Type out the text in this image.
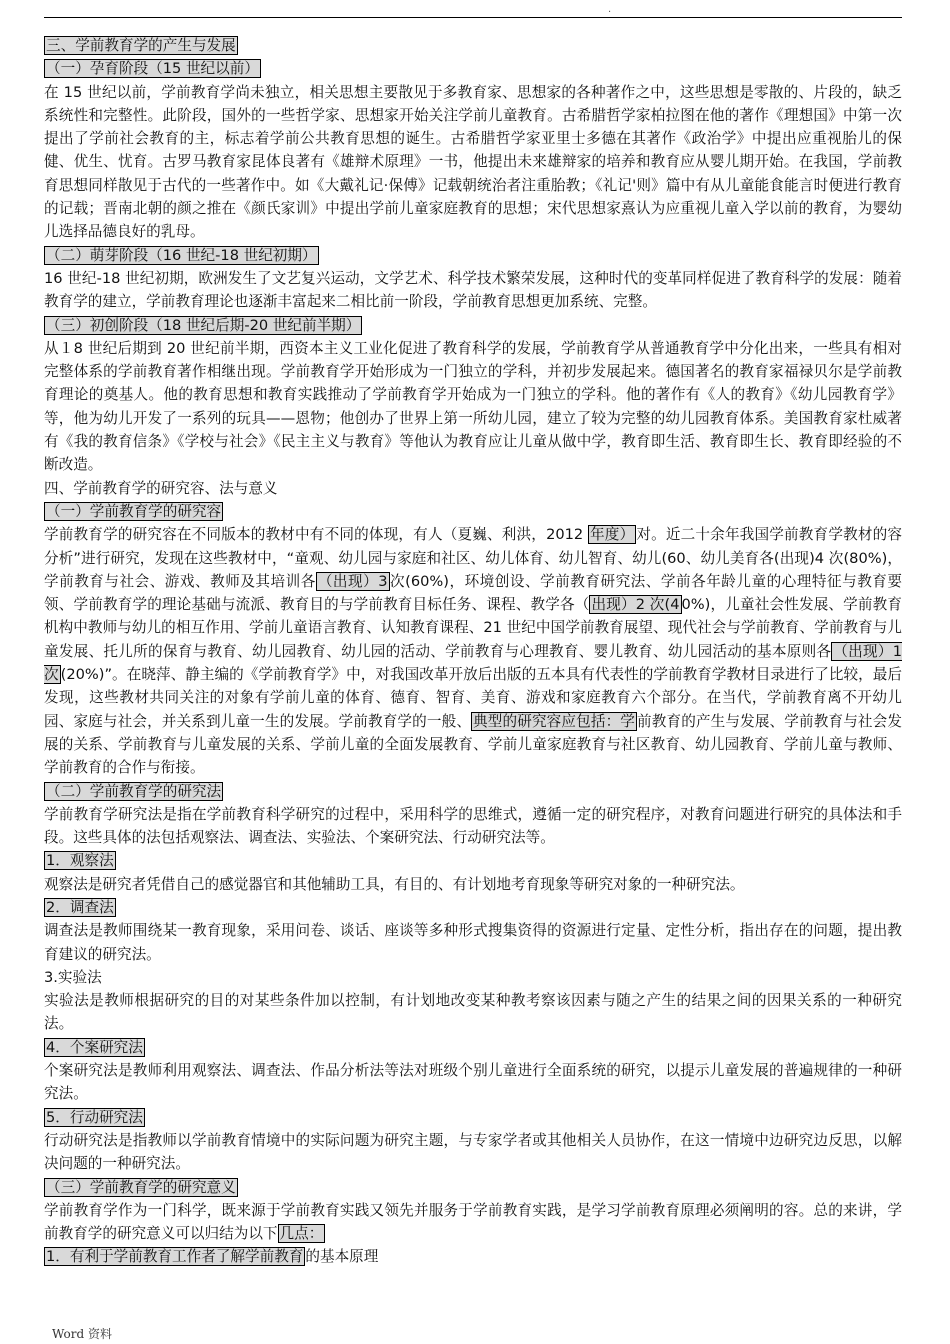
.

三、学前教育学的产生与发展

（一）孕育阶段（15 世纪以前）

在 15 世纪以前，学前教育学尚未独立，相关思想主要散见于多教育家、思想家的各种著作之中，这些思想是零散的、片段的，缺乏系统性和完整性。此阶段，国外的一些哲学家、思想家开始关注学前儿童教育。古希腊哲学家柏拉图在他的著作《理想国》中第一次提出了学前社会教育的主，标志着学前公共教育思想的诞生。古希腊哲学家亚里士多德在其著作《政治学》中提出应重视胎儿的保健、优生、忧育。古罗马教育家昆体良著有《雄辩术原理》一书，他提出未来雄辩家的培养和教育应从婴儿期开始。在我国，学前教育思想同样散见于古代的一些著作中。如《大戴礼记·保傅》记载朝统治者注重胎教；《礼记'则》篇中有从儿童能食能言时便进行教育的记载；晋南北朝的颜之推在《颜氏家训》中提出学前儿童家庭教育的思想；宋代思想家熹认为应重视儿童入学以前的教育，为婴幼儿选择品德良好的乳母。

（二）萌芽阶段（16 世纪-18 世纪初期）

16 世纪-18 世纪初期，欧洲发生了文艺复兴运动，文学艺术、科学技术繁荣发展，这种时代的变革同样促进了教育科学的发展：随着教育学的建立，学前教育理论也逐渐丰富起来二相比前一阶段，学前教育思想更加系统、完整。

（三）初创阶段（18 世纪后期-20 世纪前半期）

从１8 世纪后期到 20 世纪前半期，西资本主义工业化促进了教育科学的发展，学前教育学从普通教育学中分化出来，一些具有相对完整体系的学前教育著作相继出现。学前教育学开始形成为一门独立的学科，并初步发展起来。德国著名的教育家福禄贝尔是学前教育理论的奠基人。他的教育思想和教育实践推动了学前教育学开始成为一门独立的学科。他的著作有《人的教育》《幼儿园教育学》等，他为幼儿开发了一系列的玩具——恩物；他创办了世界上第一所幼儿园，建立了较为完整的幼儿园教育体系。美国教育家杜威著有《我的教育信条》《学校与社会》《民主主义与教育》等他认为教育应让儿童从做中学，教育即生活、教育即生长、教育即经验的不断改造。

四、学前教育学的研究容、法与意义

（一）学前教育学的研究容

学前教育学的研究容在不同版本的教材中有不同的体现，有人（夏巍、利洪，2012 年度） 对。近二十余年我国学前教育学教材的容分析”进行研究，发现在这些教材中，“童观、幼儿园与家庭和社区、幼儿体育、幼儿智育、幼儿(60、幼儿美育各(出现)4 次(80%)，学前教育与社会、游戏、教师及其培训各 （出现）3 次(60%)，环境创设、学前教育研究法、学前各年龄儿童的心理特征与教育要领、学前教育学的理论基础与流派、教育目的与学前教育目标任务、课程、教学各（ 出现）2 次(4 0%)，儿童社会性发展、学前教育机构中教师与幼儿的相互作用、学前儿童语言教育、认知教育课程、21 世纪中国学前教育展望、现代社会与学前教育、学前教育与儿童发展、托儿所的保育与教育、幼儿园教育、幼儿园的活动、学前教育与心理教育、婴儿教育、幼儿园活动的基本原则各 （出现）1 次 (20%)”。在晓萍、静主编的《学前教育学》中，对我国改革开放后出版的五本具有代表性的学前教育学教材目录进行了比较，最后发现，这些教材共同关注的对象有学前儿童的体育、德育、智育、美育、游戏和家庭教育六个部分。在当代，学前教育离不开幼儿园、家庭与社会，并关系到儿童一生的发展。学前教育学的一般、 典型的研究容应包括：学 前教育的产生与发展、学前教育与社会发展的关系、学前教育与儿童发展的关系、学前儿童的全面发展教育、学前儿童家庭教育与社区教育、幼儿园教育、学前儿童与教师、学前教育的合作与衔接。

（二）学前教育学的研究法

学前教育学研究法是指在学前教育科学研究的过程中，采用科学的思维式，遵循一定的研究程序，对教育问题进行研究的具体法和手段。这些具体的法包括观察法、调查法、实验法、个案研究法、行动研究法等。

1．观察法

观察法是研究者凭借自己的感觉器官和其他辅助工具，有目的、有计划地考育现象等研究对象的一种研究法。

2．调查法

调查法是教师围绕某一教育现象，采用问卷、谈话、座谈等多种形式搜集资得的资源进行定量、定性分析，指出存在的问题，提出教育建议的研究法。

3.实验法

实验法是教师根据研究的目的对某些条件加以控制，有计划地改变某种教考察该因素与随之产生的结果之间的因果关系的一种研究法。

4．个案研究法

个案研究法是教师利用观察法、调查法、作品分析法等法对班级个别儿童进行全面系统的研究，以提示儿童发展的普遍规律的一种研究法。

5．行动研究法

行动研究法是指教师以学前教育情境中的实际问题为研究主题，与专家学者或其他相关人员协作，在这一情境中边研究边反思，以解决问题的一种研究法。

（三）学前教育学的研究意义

学前教育学作为一门科学，既来源于学前教育实践又领先并服务于学前教育实践，是学习学前教育原理必须阐明的容。总的来讲，学前教育学的研究意义可以归结为以下 几点：

1．有利于学前教育工作者了解学前教育 的基本原理

Word 资料
